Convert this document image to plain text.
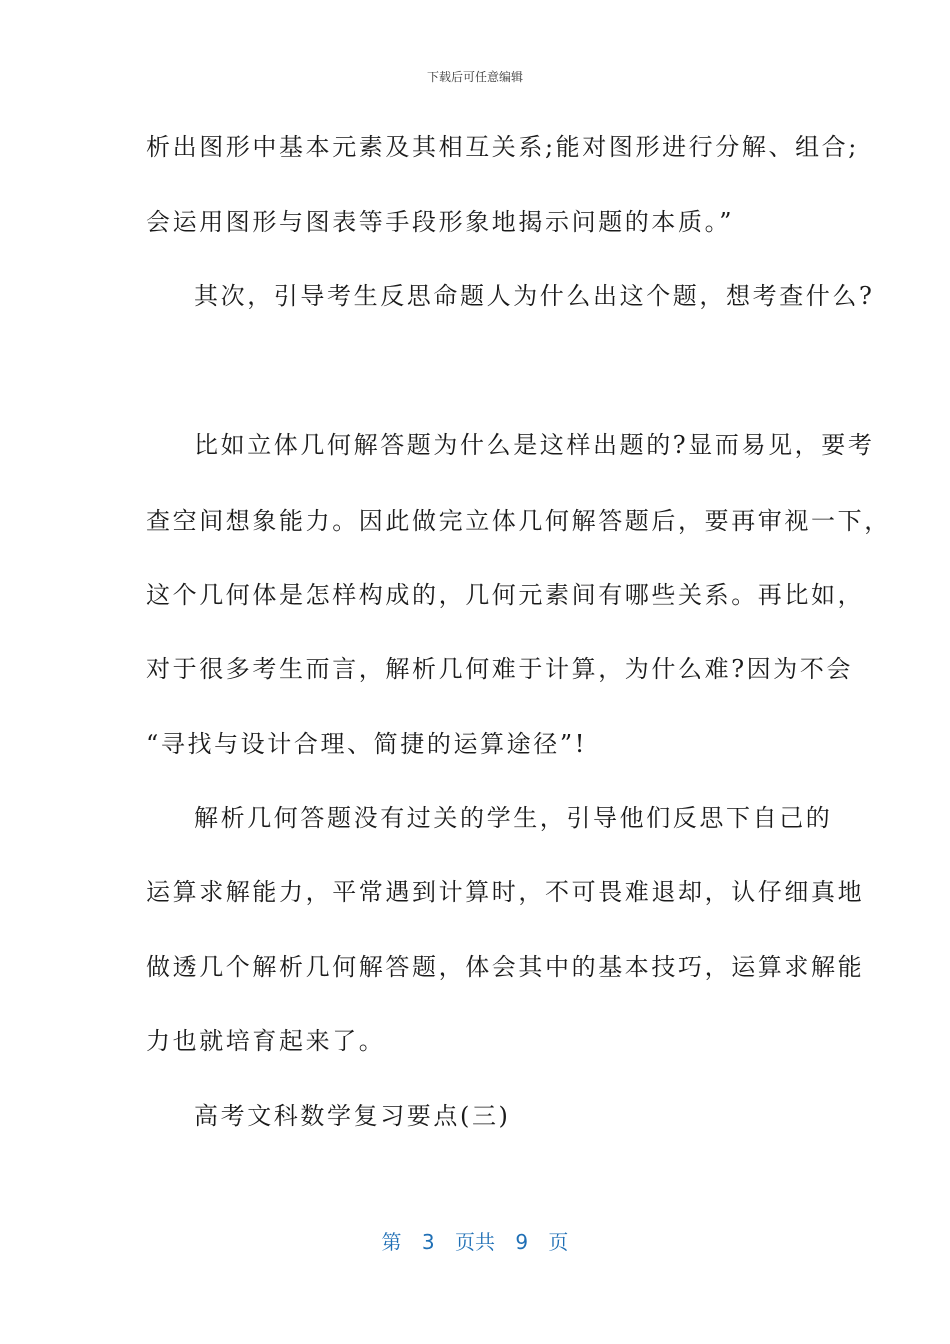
下载后可任意编辑
析出图形中基本元素及其相互关系;能对图形进行分解、组合;
会运用图形与图表等手段形象地揭示问题的本质。”
其次，引导考生反思命题人为什么出这个题，想考查什么?
比如立体几何解答题为什么是这样出题的?显而易见，要考
查空间想象能力。因此做完立体几何解答题后，要再审视一下，
这个几何体是怎样构成的，几何元素间有哪些关系。再比如，
对于很多考生而言，解析几何难于计算，为什么难?因为不会
“寻找与设计合理、简捷的运算途径”!
解析几何答题没有过关的学生，引导他们反思下自己的
运算求解能力，平常遇到计算时，不可畏难退却，认仔细真地
做透几个解析几何解答题，体会其中的基本技巧，运算求解能
力也就培育起来了。
高考文科数学复习要点(三)
第 3 页共 9 页
